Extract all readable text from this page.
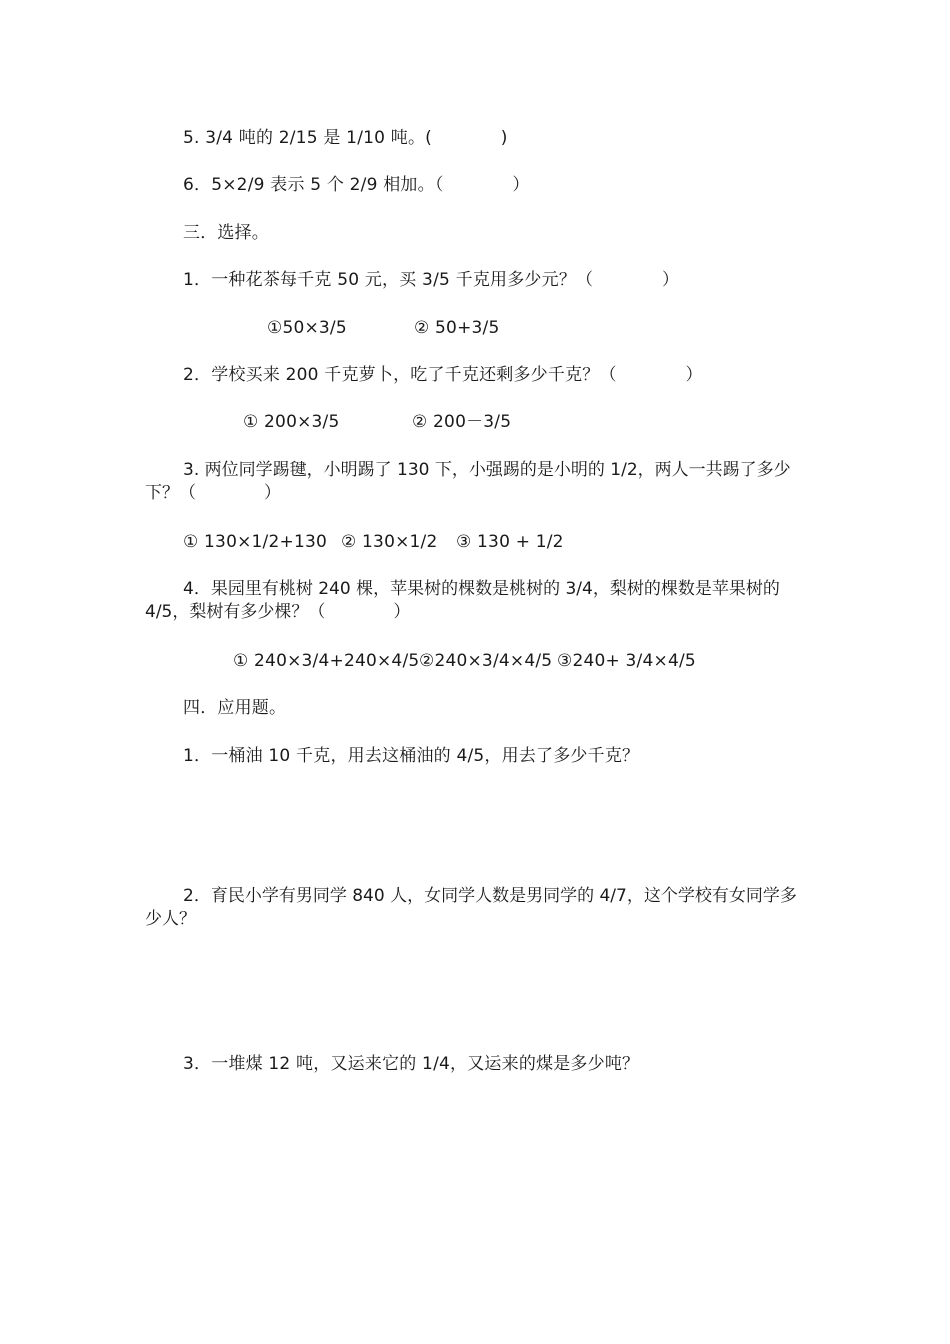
5. 3/4 吨的 2/15 是 1/10 吨。(　　　　)
6．5×2/9 表示 5 个 2/9 相加。（　　　　）
三．选择。
1．一种花茶每千克 50 元，买 3/5 千克用多少元？（　　　　）
①50×3/5	② 50+3/5
2．学校买来 200 千克萝卜，吃了千克还剩多少千克？（　　　　）
① 200×3/5	② 200－3/5
3. 两位同学踢毽，小明踢了 130 下，小强踢的是小明的 1/2，两人一共踢了多少下？（　　　　）
① 130×1/2+130 ② 130×1/2 ③ 130 + 1/2
4．果园里有桃树 240 棵，苹果树的棵数是桃树的 3/4，梨树的棵数是苹果树的 4/5，梨树有多少棵？（　　　　）
① 240×3/4+240×4/5 ②240×3/4×4/5 ③240+ 3/4×4/5
四．应用题。
1．一桶油 10 千克，用去这桶油的 4/5，用去了多少千克？
2．育民小学有男同学 840 人，女同学人数是男同学的 4/7，这个学校有女同学多少人？
3．一堆煤 12 吨，又运来它的 1/4，又运来的煤是多少吨？
